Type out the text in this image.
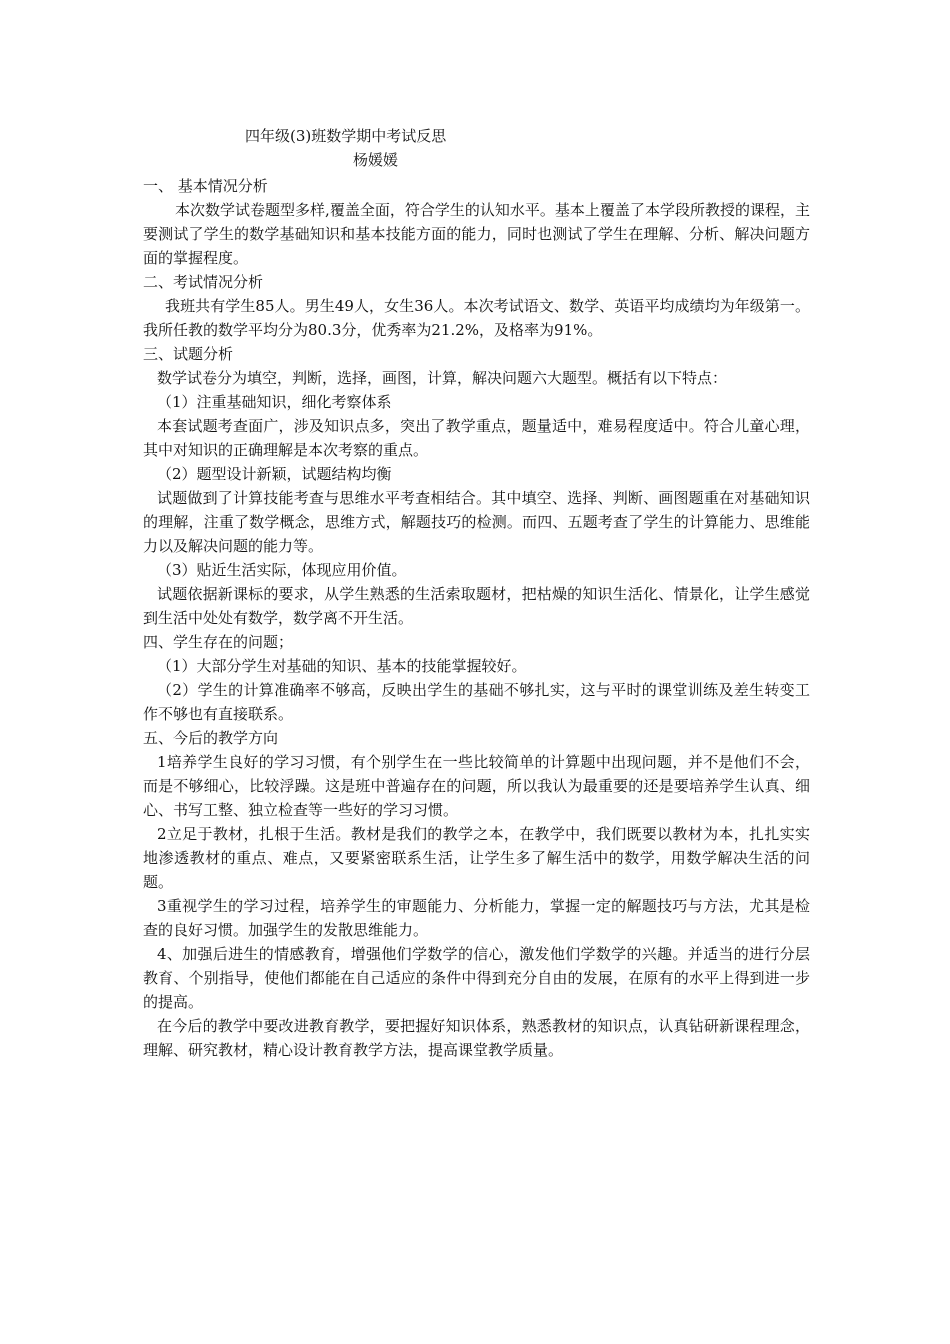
四年级(3)班数学期中考试反思

杨媛媛

一、 基本情况分析

本次数学试卷题型多样,覆盖全面，符合学生的认知水平。基本上覆盖了本学段所教授的课程，主要测试了学生的数学基础知识和基本技能方面的能力，同时也测试了学生在理解、分析、解决问题方面的掌握程度。

二、考试情况分析

我班共有学生85人。男生49人，女生36人。本次考试语文、数学、英语平均成绩均为年级第一。我所任教的数学平均分为80.3分，优秀率为21.2%，及格率为91%。

三、试题分析

数学试卷分为填空，判断，选择，画图，计算，解决问题六大题型。概括有以下特点：

（1）注重基础知识，细化考察体系

本套试题考查面广，涉及知识点多，突出了教学重点，题量适中，难易程度适中。符合儿童心理，其中对知识的正确理解是本次考察的重点。

（2）题型设计新颖，试题结构均衡

试题做到了计算技能考查与思维水平考查相结合。其中填空、选择、判断、画图题重在对基础知识的理解，注重了数学概念，思维方式，解题技巧的检测。而四、五题考查了学生的计算能力、思维能力以及解决问题的能力等。

（3）贴近生活实际，体现应用价值。

试题依据新课标的要求，从学生熟悉的生活索取题材，把枯燥的知识生活化、情景化，让学生感觉到生活中处处有数学，数学离不开生活。

四、学生存在的问题；

（1）大部分学生对基础的知识、基本的技能掌握较好。

（2）学生的计算准确率不够高，反映出学生的基础不够扎实，这与平时的课堂训练及差生转变工作不够也有直接联系。

五、今后的教学方向

1培养学生良好的学习习惯，有个别学生在一些比较简单的计算题中出现问题，并不是他们不会，而是不够细心，比较浮躁。这是班中普遍存在的问题，所以我认为最重要的还是要培养学生认真、细心、书写工整、独立检查等一些好的学习习惯。

2立足于教材，扎根于生活。教材是我们的教学之本，在教学中，我们既要以教材为本，扎扎实实地渗透教材的重点、难点，又要紧密联系生活，让学生多了解生活中的数学，用数学解决生活的问题。

3重视学生的学习过程，培养学生的审题能力、分析能力，掌握一定的解题技巧与方法，尤其是检查的良好习惯。加强学生的发散思维能力。

4、加强后进生的情感教育，增强他们学数学的信心，激发他们学数学的兴趣。并适当的进行分层教育、个别指导，使他们都能在自己适应的条件中得到充分自由的发展，在原有的水平上得到进一步的提高。

在今后的教学中要改进教育教学，要把握好知识体系，熟悉教材的知识点，认真钻研新课程理念，理解、研究教材，精心设计教育教学方法，提高课堂教学质量。
